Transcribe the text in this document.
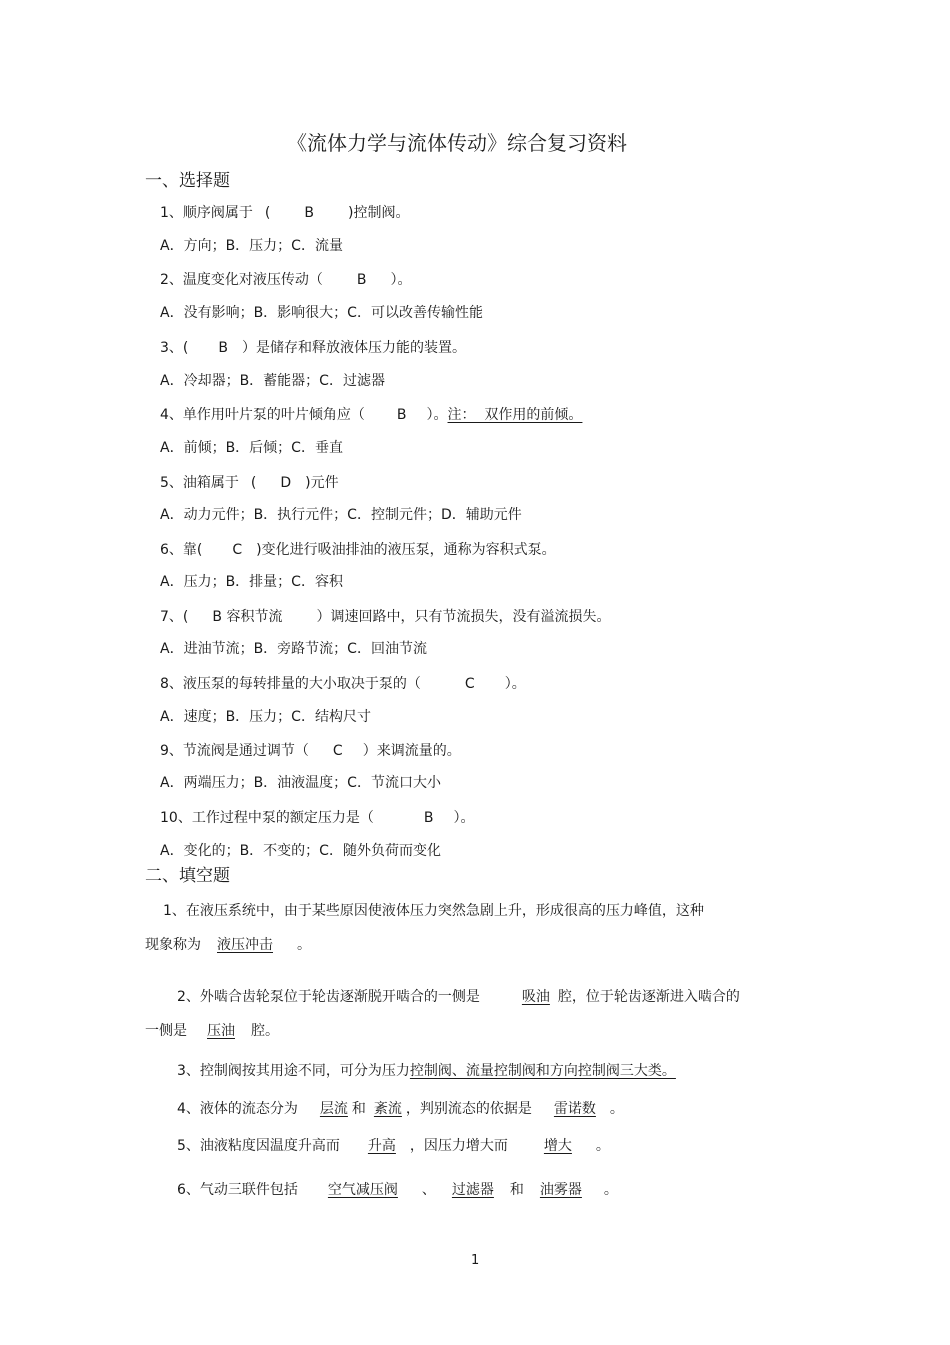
《流体力学与流体传动》综合复习资料
一、选择题
1、顺序阀属于 ( B )控制阀。
A．方向；B．压力；C．流量
2、温度变化对液压传动（ B ）。
A．没有影响；B．影响很大；C．可以改善传输性能
3、( B ）是储存和释放液体压力能的装置。
A．冷却器；B．蓄能器；C．过滤器
4、单作用叶片泵的叶片倾角应（ B ）。注：  双作用的前倾。
A．前倾；B．后倾；C．垂直
5、油箱属于 ( D )元件
A．动力元件；B．执行元件；C．控制元件；D．辅助元件
6、靠( C )变化进行吸油排油的液压泵，通称为容积式泵。
A．压力；B．排量；C．容积
7、( B 容积节流 ）调速回路中，只有节流损失，没有溢流损失。
A．进油节流；B．旁路节流；C．回油节流
8、液压泵的每转排量的大小取决于泵的（	C ）。
A．速度；B．压力；C．结构尺寸
9、节流阀是通过调节（ C ）来调流量的。
A．两端压力；B．油液温度；C．节流口大小
10、工作过程中泵的额定压力是（	B ）。
A．变化的；B．不变的；C．随外负荷而变化
二、填空题
1、在液压系统中，由于某些原因使液体压力突然急剧上升，形成很高的压力峰值，这种
现象称为 液压冲击 。
2、外啮合齿轮泵位于轮齿逐渐脱开啮合的一侧是	吸油 腔，位于轮齿逐渐进入啮合的
一侧是 压油 腔。
3、控制阀按其用途不同，可分为压力控制阀、流量控制阀和方向控制阀三大类。
4、液体的流态分为 层流 和 紊流 ，判别流态的依据是 雷诺数 。
5、油液粘度因温度升高而 升高 ，因压力增大而	增大 。
6、气动三联件包括 空气减压阀 、 过滤器 和 油雾器 。
1
